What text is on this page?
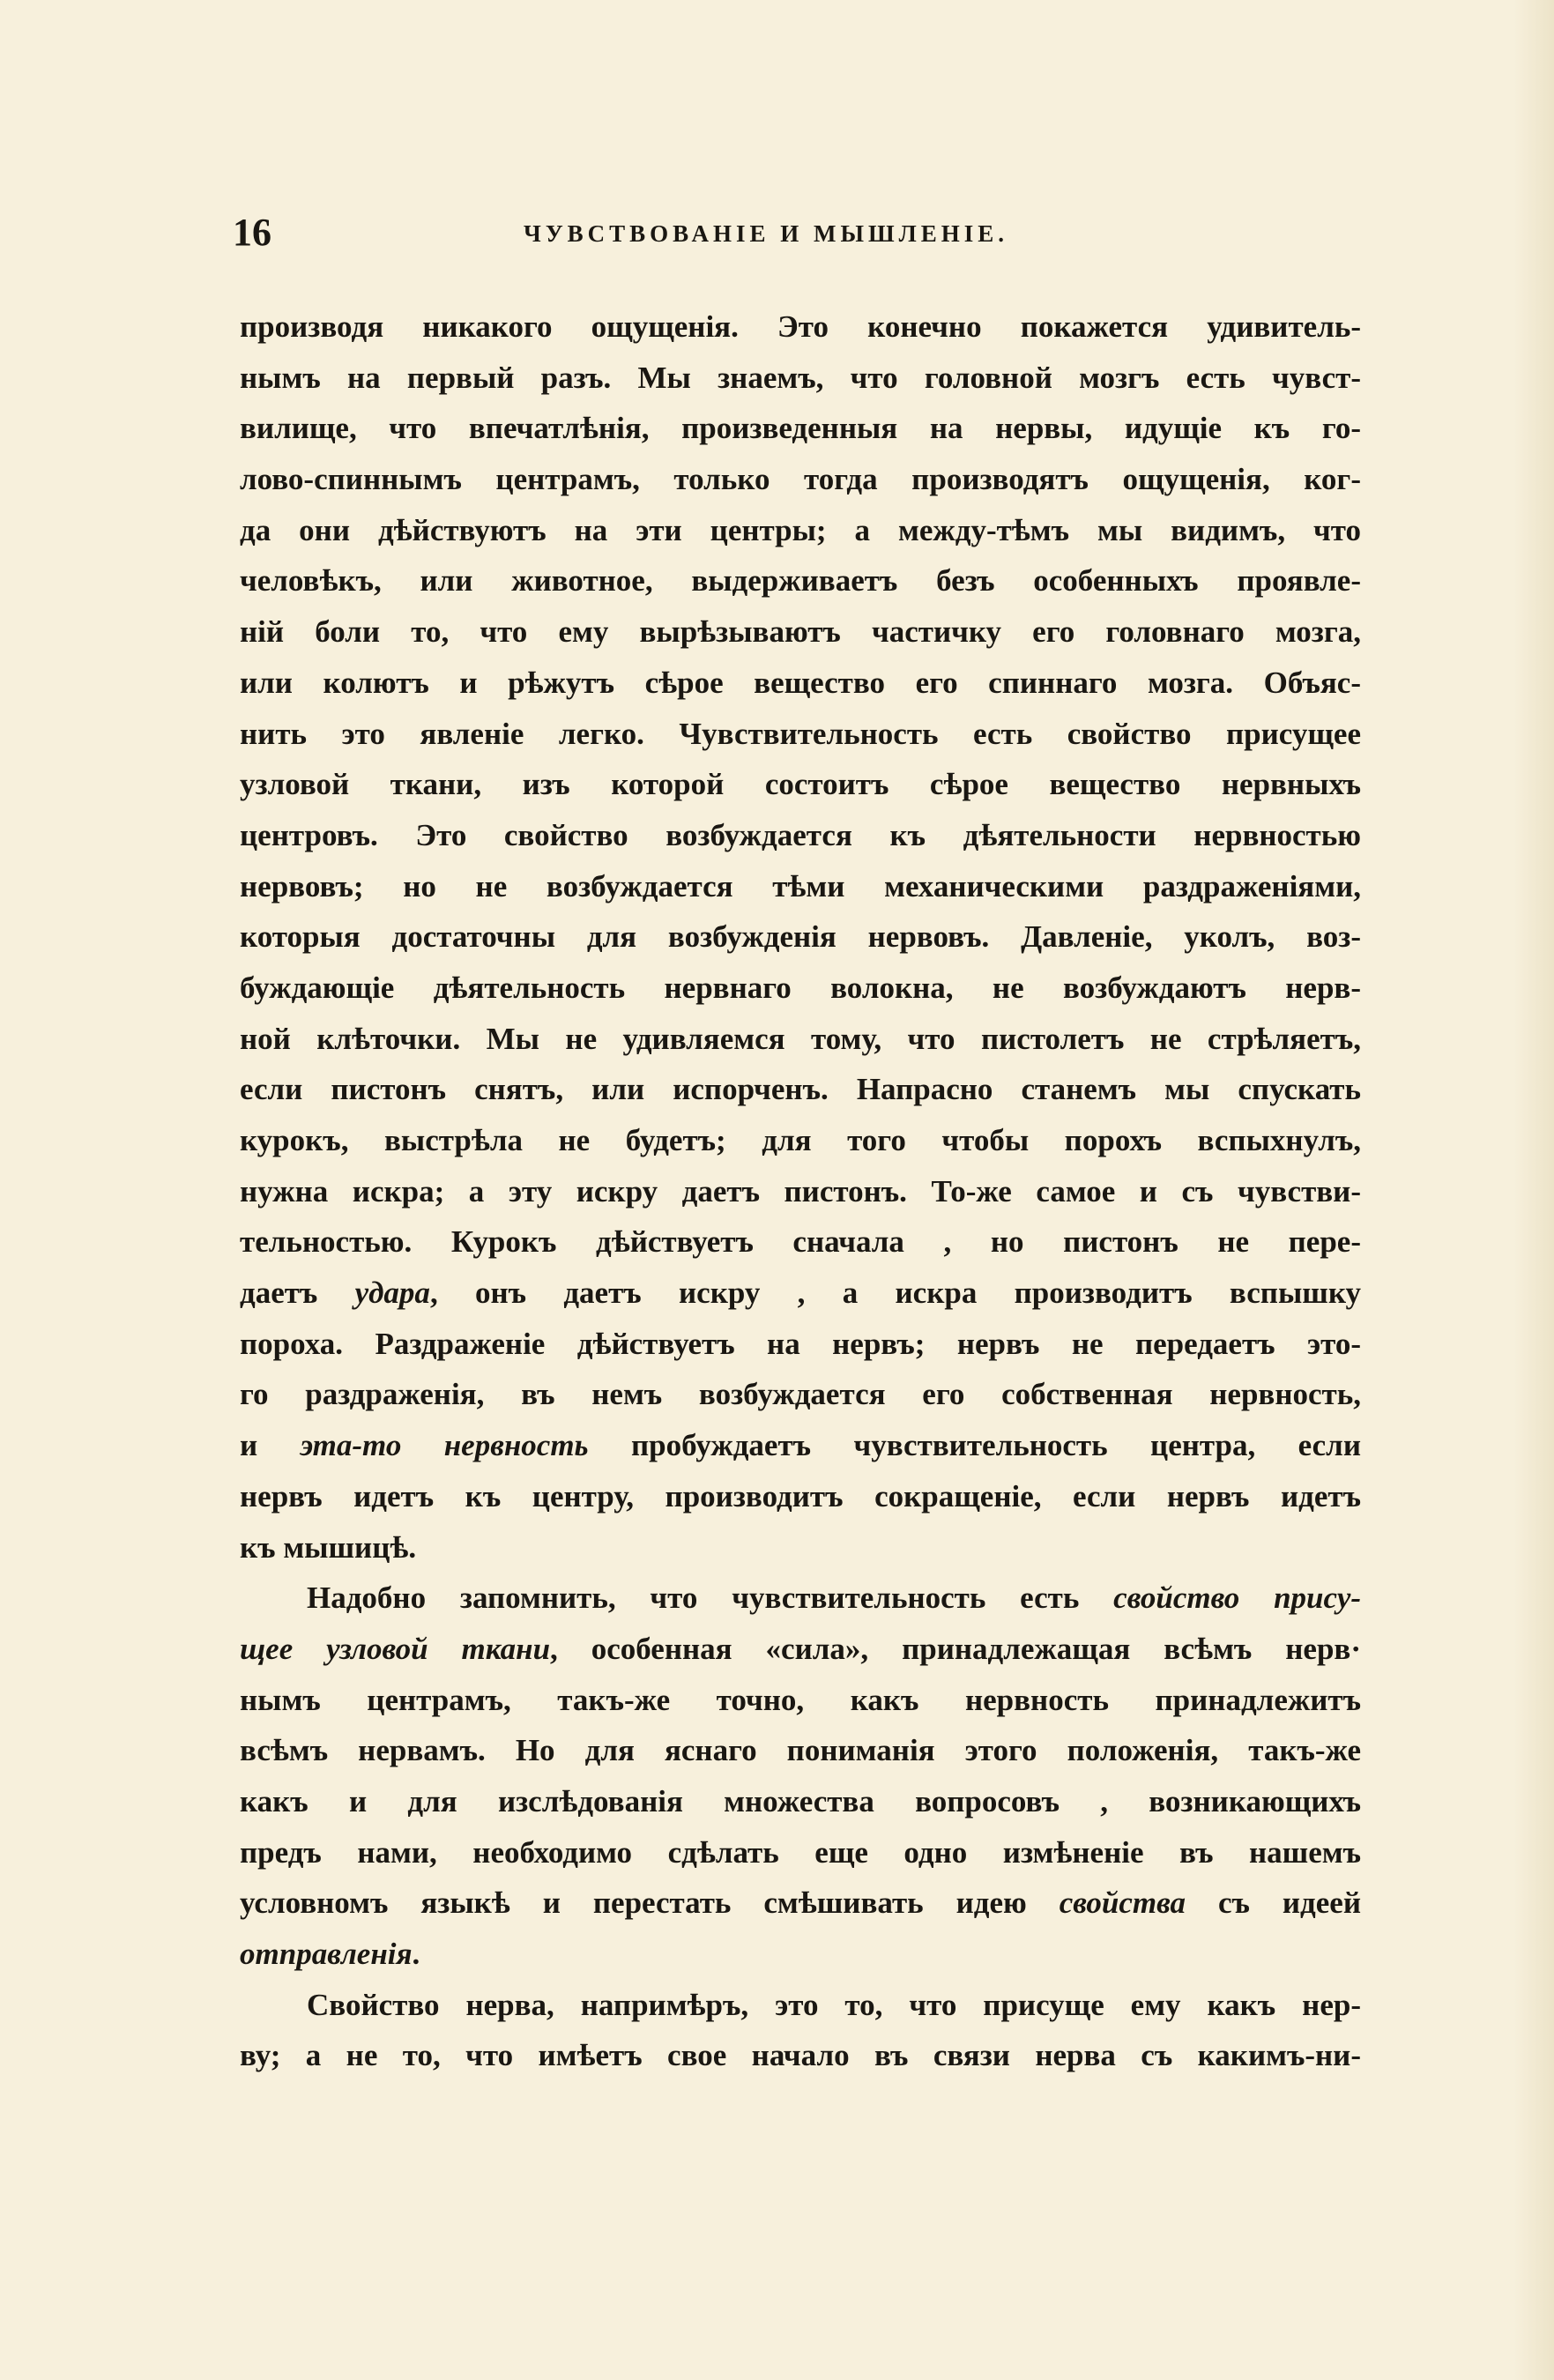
16	ЧУВСТВОВАНІЕ И МЫШЛЕНІЕ.
производя никакого ощущенія. Это конечно покажется удивитель-
нымъ на первый разъ. Мы знаемъ, что головной мозгъ есть чувст-
вилище, что впечатлѣнія, произведенныя на нервы, идущіе къ го-
лово-спиннымъ центрамъ, только тогда производятъ ощущенія, ког-
да они дѣйствуютъ на эти центры; а между-тѣмъ мы видимъ, что
человѣкъ, или животное, выдерживаетъ безъ особенныхъ проявле-
ній боли то, что ему вырѣзываютъ частичку его головнаго мозга,
или колютъ и рѣжутъ сѣрое вещество его спиннаго мозга. Объяс-
нить это явленіе легко. Чувствительность есть свойство присущее
узловой ткани, изъ которой состоитъ сѣрое вещество нервныхъ
центровъ. Это свойство возбуждается къ дѣятельности нервностью
нервовъ; но не возбуждается тѣми механическими раздраженіями,
которыя достаточны для возбужденія нервовъ. Давленіе, уколъ, воз-
буждающіе дѣятельность нервнаго волокна, не возбуждаютъ нерв-
ной клѣточки. Мы не удивляемся тому, что пистолетъ не стрѣляетъ,
если пистонъ снятъ, или испорченъ. Напрасно станемъ мы спускать
курокъ, выстрѣла не будетъ; для того чтобы порохъ вспыхнулъ,
нужна искра; а эту искру даетъ пистонъ. То-же самое и съ чувстви-
тельностью. Курокъ дѣйствуетъ сначала , но пистонъ не пере-
даетъ удара, онъ даетъ искру , а искра производитъ вспышку
пороха. Раздраженіе дѣйствуетъ на нервъ; нервъ не передаетъ это-
го раздраженія, въ немъ возбуждается его собственная нервность,
и эта-то нервность пробуждаетъ чувствительность центра, если
нервъ идетъ къ центру, производитъ сокращеніе, если нервъ идетъ
къ мышицѣ.
Надобно запомнить, что чувствительность есть свойство прису-
щее узловой ткани, особенная «сила», принадлежащая всѣмъ нерв·
нымъ центрамъ, такъ-же точно, какъ нервность принадлежитъ
всѣмъ нервамъ. Но для яснаго пониманія этого положенія, такъ-же
какъ и для изслѣдованія множества вопросовъ , возникающихъ
предъ нами, необходимо сдѣлать еще одно измѣненіе въ нашемъ
условномъ языкѣ и перестать смѣшивать идею свойства съ идеей
отправленія.
Свойство нерва, напримѣръ, это то, что присуще ему какъ нер-
ву; а не то, что имѣетъ свое начало въ связи нерва съ какимъ-ни-
